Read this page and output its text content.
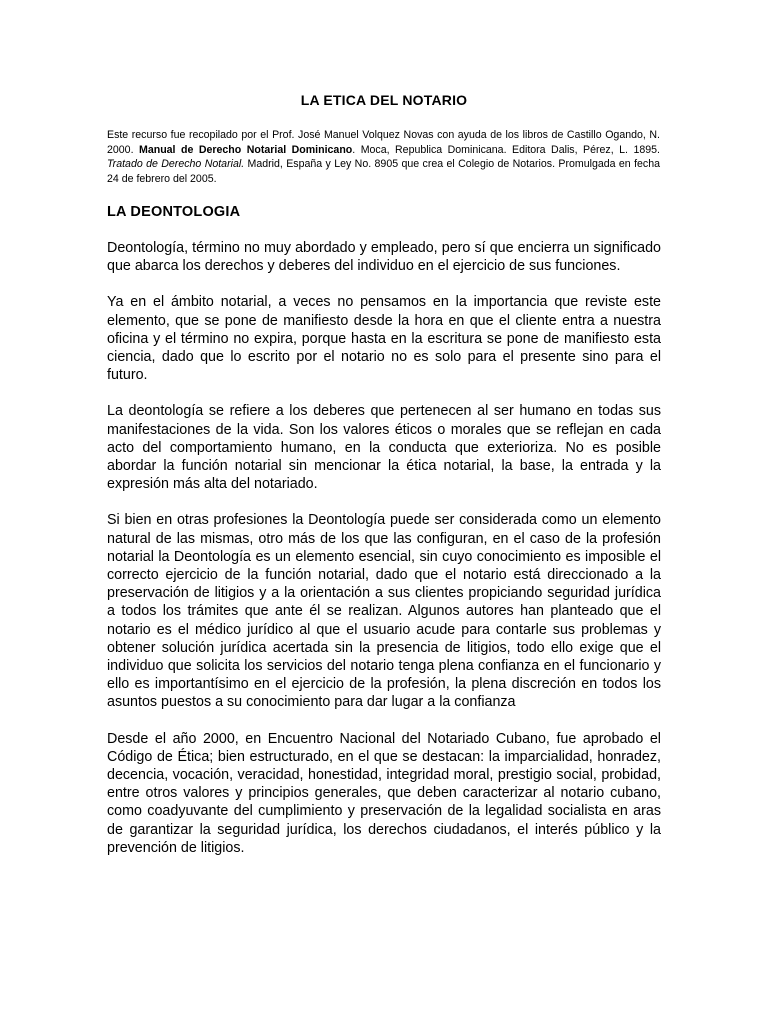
LA ETICA DEL NOTARIO
Este recurso fue recopilado por el Prof. José Manuel Volquez Novas con ayuda de los libros de Castillo Ogando, N. 2000. Manual de Derecho Notarial Dominicano. Moca, Republica Dominicana. Editora Dalis, Pérez, L. 1895. Tratado de Derecho Notarial. Madrid, España y Ley No. 8905 que crea el Colegio de Notarios. Promulgada en fecha 24 de febrero del 2005.
LA DEONTOLOGIA

Deontología, término no muy abordado y empleado, pero sí que encierra un significado que abarca los derechos y deberes del individuo en el ejercicio de sus funciones.

Ya en el ámbito notarial, a veces no pensamos en la importancia que reviste este elemento, que se pone de manifiesto desde la hora en que el cliente entra a nuestra oficina y el término no expira, porque hasta en la escritura se pone de manifiesto esta ciencia, dado que lo escrito por el notario no es solo para el presente sino para el futuro.

La deontología se refiere a los deberes que pertenecen al ser humano en todas sus manifestaciones de la vida. Son los valores éticos o morales que se reflejan en cada acto del comportamiento humano, en la conducta que exterioriza. No es posible abordar la función notarial sin mencionar la ética notarial, la base, la entrada y la expresión más alta del notariado.

Si bien en otras profesiones la Deontología puede ser considerada como un elemento natural de las mismas, otro más de los que las configuran, en el caso de la profesión notarial la Deontología es un elemento esencial, sin cuyo conocimiento es imposible el correcto ejercicio de la función notarial, dado que el notario está direccionado a la preservación de litigios y a la orientación a sus clientes propiciando seguridad jurídica a todos los trámites que ante él se realizan. Algunos autores han planteado que el notario es el médico jurídico al que el usuario acude para contarle sus problemas y obtener solución jurídica acertada sin la presencia de litigios, todo ello exige que el individuo que solicita los servicios del notario tenga plena confianza en el funcionario y ello es importantísimo en el ejercicio de la profesión, la plena discreción en todos los asuntos puestos a su conocimiento para dar lugar a la confianza

Desde el año 2000, en Encuentro Nacional del Notariado Cubano, fue aprobado el Código de Ética; bien estructurado, en el que se destacan: la imparcialidad, honradez, decencia, vocación, veracidad, honestidad, integridad moral, prestigio social, probidad, entre otros valores y principios generales, que deben caracterizar al notario cubano, como coadyuvante del cumplimiento y preservación de la legalidad socialista en aras de garantizar la seguridad jurídica, los derechos ciudadanos, el interés público y la prevención de litigios.
